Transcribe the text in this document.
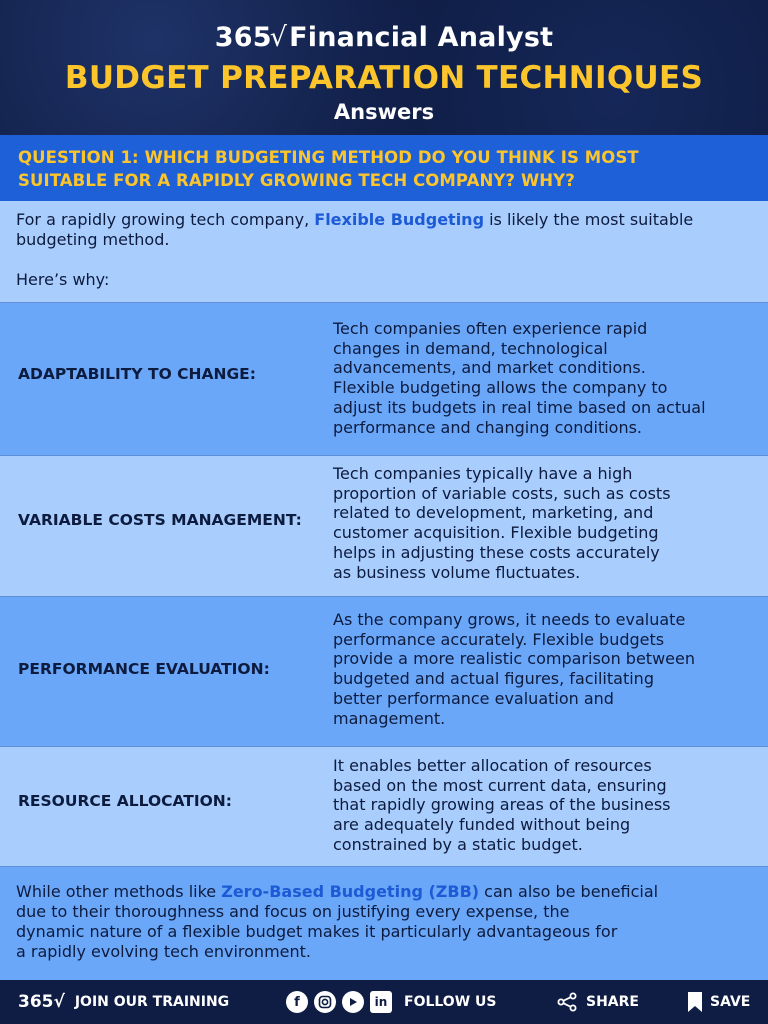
365√Financial Analyst
BUDGET PREPARATION TECHNIQUES
Answers
QUESTION 1: WHICH BUDGETING METHOD DO YOU THINK IS MOST
SUITABLE FOR A RAPIDLY GROWING TECH COMPANY? WHY?
For a rapidly growing tech company, Flexible Budgeting is likely the most suitable budgeting method.
Here’s why:
ADAPTABILITY TO CHANGE:
Tech companies often experience rapid
changes in demand, technological
advancements, and market conditions.
Flexible budgeting allows the company to
adjust its budgets in real time based on actual
performance and changing conditions.
VARIABLE COSTS MANAGEMENT:
Tech companies typically have a high
proportion of variable costs, such as costs
related to development, marketing, and
customer acquisition. Flexible budgeting
helps in adjusting these costs accurately
as business volume fluctuates.
PERFORMANCE EVALUATION:
As the company grows, it needs to evaluate
performance accurately. Flexible budgets
provide a more realistic comparison between
budgeted and actual figures, facilitating
better performance evaluation and
management.
RESOURCE ALLOCATION:
It enables better allocation of resources
based on the most current data, ensuring
that rapidly growing areas of the business
are adequately funded without being
constrained by a static budget.
While other methods like Zero-Based Budgeting (ZBB) can also be beneficial
due to their thoroughness and focus on justifying every expense, the
dynamic nature of a flexible budget makes it particularly advantageous for
a rapidly evolving tech environment.
365√ JOIN OUR TRAINING	f	in	FOLLOW US	SHARE	SAVE
